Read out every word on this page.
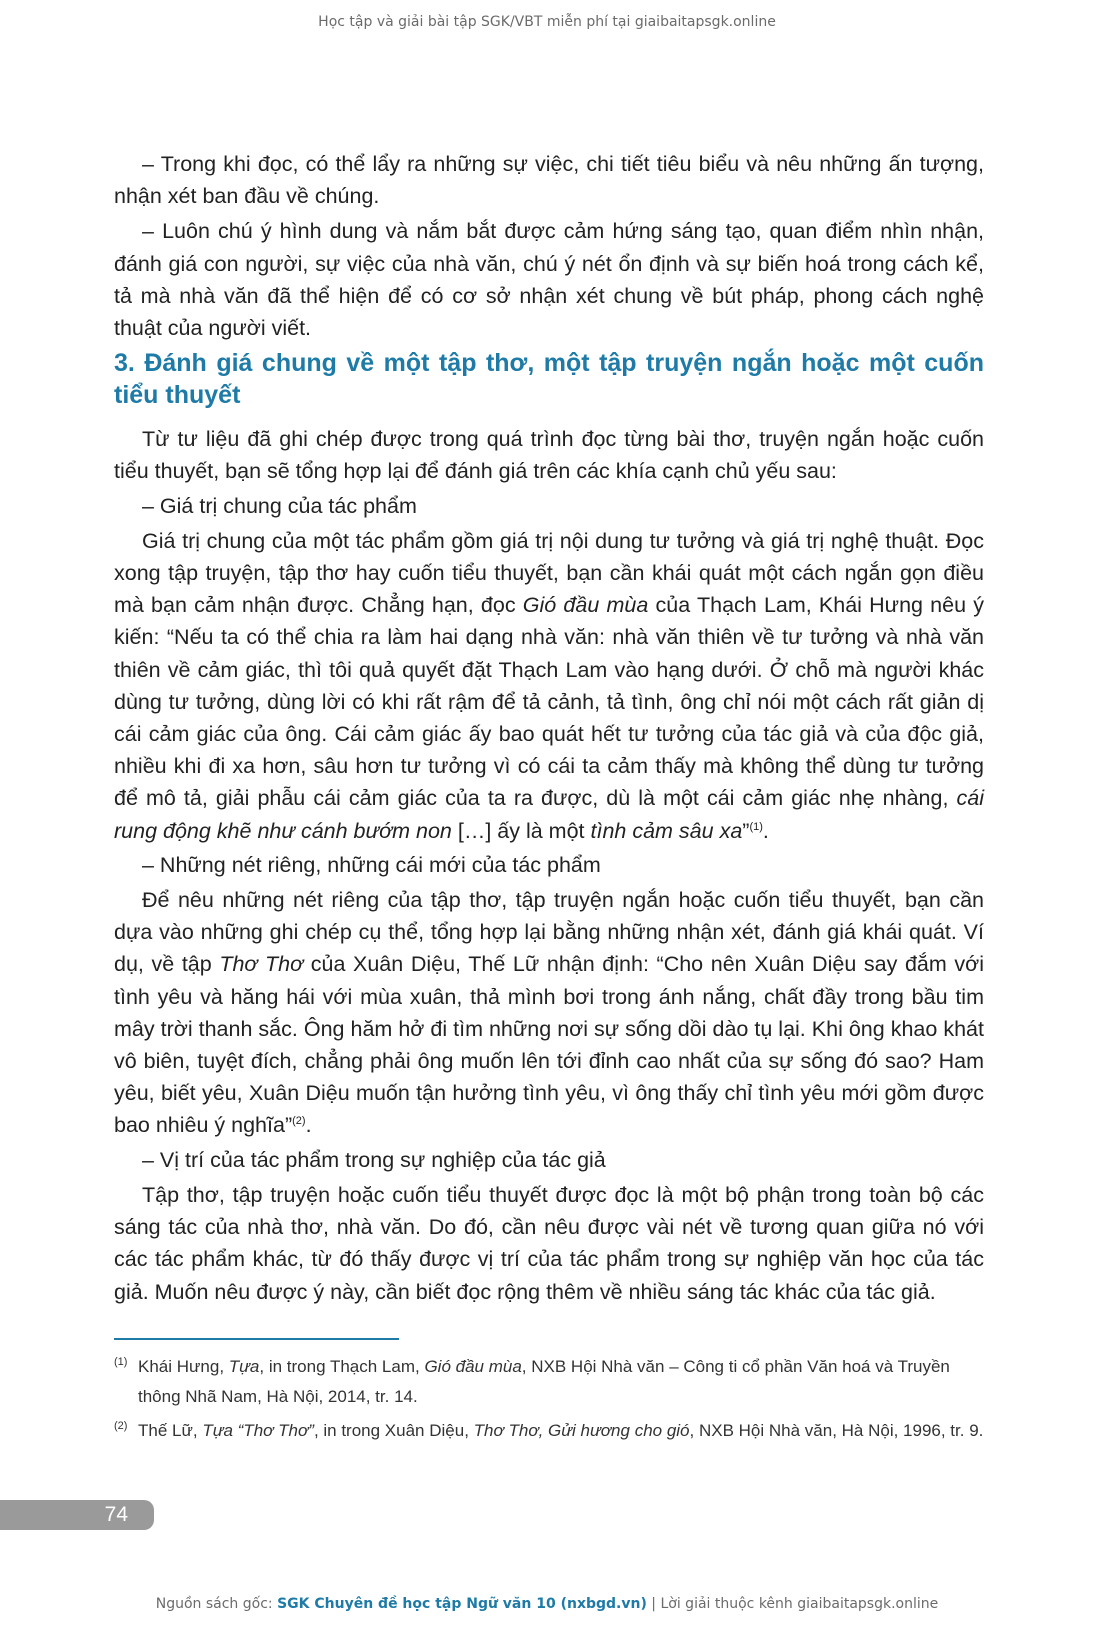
Học tập và giải bài tập SGK/VBT miễn phí tại giaibaitapsgk.online

– Trong khi đọc, có thể lẩy ra những sự việc, chi tiết tiêu biểu và nêu những ấn tượng, nhận xét ban đầu về chúng.

– Luôn chú ý hình dung và nắm bắt được cảm hứng sáng tạo, quan điểm nhìn nhận, đánh giá con người, sự việc của nhà văn, chú ý nét ổn định và sự biến hoá trong cách kể, tả mà nhà văn đã thể hiện để có cơ sở nhận xét chung về bút pháp, phong cách nghệ thuật của người viết.

3. Đánh giá chung về một tập thơ, một tập truyện ngắn hoặc một cuốn tiểu thuyết

Từ tư liệu đã ghi chép được trong quá trình đọc từng bài thơ, truyện ngắn hoặc cuốn tiểu thuyết, bạn sẽ tổng hợp lại để đánh giá trên các khía cạnh chủ yếu sau:

– Giá trị chung của tác phẩm

Giá trị chung của một tác phẩm gồm giá trị nội dung tư tưởng và giá trị nghệ thuật. Đọc xong tập truyện, tập thơ hay cuốn tiểu thuyết, bạn cần khái quát một cách ngắn gọn điều mà bạn cảm nhận được. Chẳng hạn, đọc Gió đầu mùa của Thạch Lam, Khái Hưng nêu ý kiến: “Nếu ta có thể chia ra làm hai dạng nhà văn: nhà văn thiên về tư tưởng và nhà văn thiên về cảm giác, thì tôi quả quyết đặt Thạch Lam vào hạng dưới. Ở chỗ mà người khác dùng tư tưởng, dùng lời có khi rất rậm để tả cảnh, tả tình, ông chỉ nói một cách rất giản dị cái cảm giác của ông. Cái cảm giác ấy bao quát hết tư tưởng của tác giả và của độc giả, nhiều khi đi xa hơn, sâu hơn tư tưởng vì có cái ta cảm thấy mà không thể dùng tư tưởng để mô tả, giải phẫu cái cảm giác của ta ra được, dù là một cái cảm giác nhẹ nhàng, cái rung động khẽ như cánh bướm non […] ấy là một tình cảm sâu xa”$^{(1)}$.

– Những nét riêng, những cái mới của tác phẩm

Để nêu những nét riêng của tập thơ, tập truyện ngắn hoặc cuốn tiểu thuyết, bạn cần dựa vào những ghi chép cụ thể, tổng hợp lại bằng những nhận xét, đánh giá khái quát. Ví dụ, về tập Thơ Thơ của Xuân Diệu, Thế Lữ nhận định: “Cho nên Xuân Diệu say đắm với tình yêu và hăng hái với mùa xuân, thả mình bơi trong ánh nắng, chất đầy trong bầu tim mây trời thanh sắc. Ông hăm hở đi tìm những nơi sự sống dồi dào tụ lại. Khi ông khao khát vô biên, tuyệt đích, chẳng phải ông muốn lên tới đỉnh cao nhất của sự sống đó sao? Ham yêu, biết yêu, Xuân Diệu muốn tận hưởng tình yêu, vì ông thấy chỉ tình yêu mới gồm được bao nhiêu ý nghĩa”$^{(2)}$.

– Vị trí của tác phẩm trong sự nghiệp của tác giả

Tập thơ, tập truyện hoặc cuốn tiểu thuyết được đọc là một bộ phận trong toàn bộ các sáng tác của nhà thơ, nhà văn. Do đó, cần nêu được vài nét về tương quan giữa nó với các tác phẩm khác, từ đó thấy được vị trí của tác phẩm trong sự nghiệp văn học của tác giả. Muốn nêu được ý này, cần biết đọc rộng thêm về nhiều sáng tác khác của tác giả.

(1) Khái Hưng, Tựa, in trong Thạch Lam, Gió đầu mùa, NXB Hội Nhà văn – Công ti cổ phần Văn hoá và Truyền thông Nhã Nam, Hà Nội, 2014, tr. 14.
(2) Thế Lữ, Tựa “Thơ Thơ”, in trong Xuân Diệu, Thơ Thơ, Gửi hương cho gió, NXB Hội Nhà văn, Hà Nội, 1996, tr. 9.
74
Nguồn sách gốc: SGK Chuyên đề học tập Ngữ văn 10 (nxbgd.vn) | Lời giải thuộc kênh giaibaitapsgk.online
